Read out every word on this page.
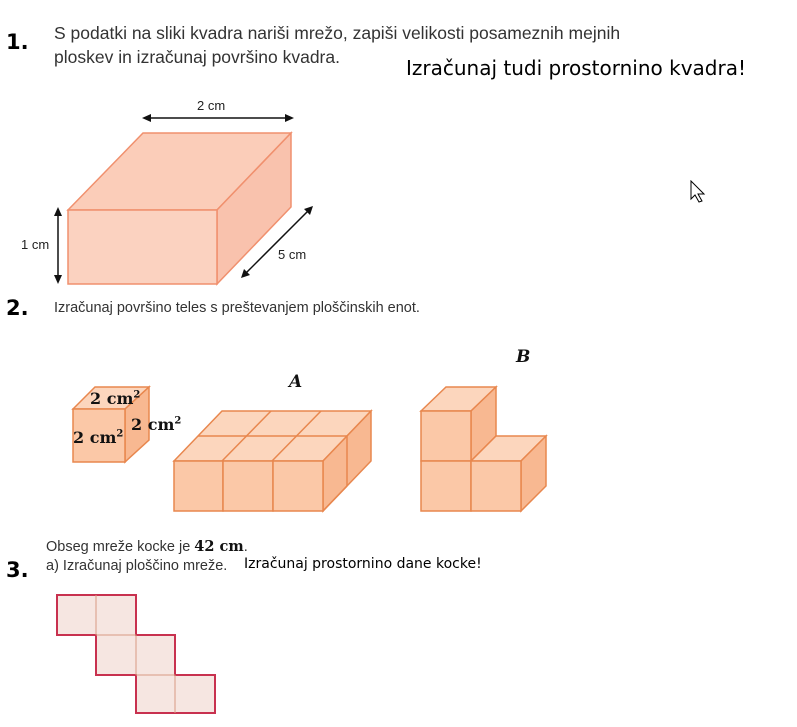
1. S podatki na sliki kvadra nariši mrežo, zapiši velikosti posameznih mejnih
ploskev in izračunaj površino kvadra.	Izračunaj tudi prostornino kvadra!
2 cm
1 cm
5 cm
2. Izračunaj površino teles s preštevanjem ploščinskih enot.
B
A
2 $cm^2$
2 $cm^2$
2 $cm^2$
Obseg mreže kocke je 42 cm.
3. a) Izračunaj ploščino mreže. Izračunaj prostornino dane kocke!
